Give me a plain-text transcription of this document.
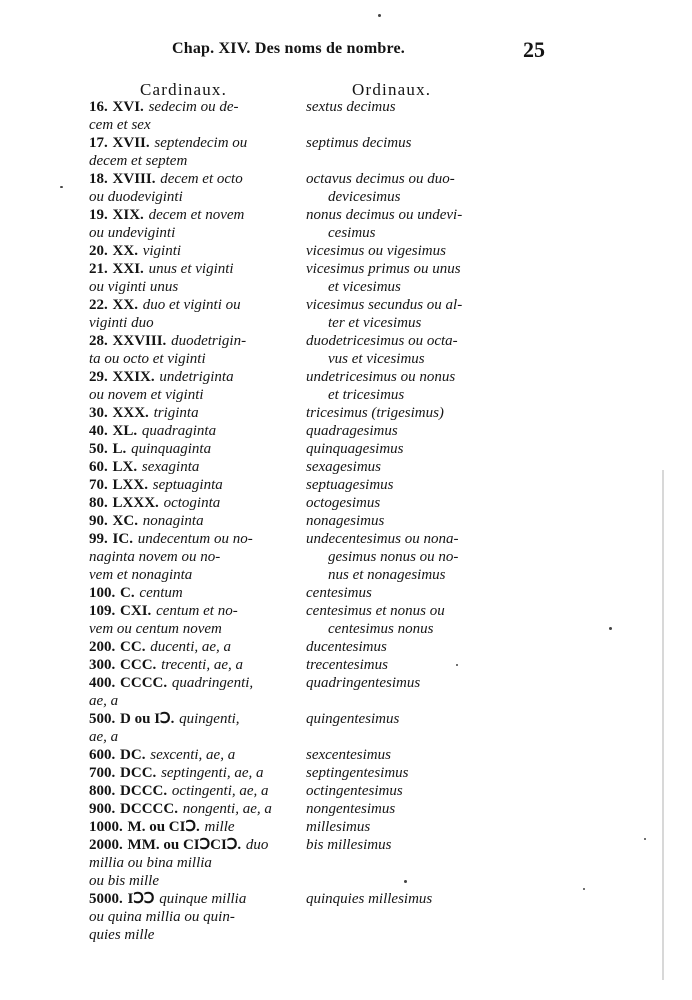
Chap. XIV. Des noms de nombre.	25
Cardinaux.	Ordinaux.
16. XVI. sedecim ou de-	sextus decimus
cem et sex
17. XVII. septendecim ou	septimus decimus
decem et septem
18. XVIII. decem et octo	octavus decimus ou duo-
ou duodeviginti	devicesimus
19. XIX. decem et novem	nonus decimus ou undevi-
ou undeviginti	cesimus
20. XX. viginti	vicesimus ou vigesimus
21. XXI. unus et viginti	vicesimus primus ou unus
ou viginti unus	et vicesimus
22. XX. duo et viginti ou	vicesimus secundus ou al-
viginti duo	ter et vicesimus
28. XXVIII. duodetrigin-	duodetricesimus ou octa-
ta ou octo et viginti	vus et vicesimus
29. XXIX. undetriginta	undetricesimus ou nonus
ou novem et viginti	et tricesimus
30. XXX. triginta	tricesimus (trigesimus)
40. XL. quadraginta	quadragesimus
50. L. quinquaginta	quinquagesimus
60. LX. sexaginta	sexagesimus
70. LXX. septuaginta	septuagesimus
80. LXXX. octoginta	octogesimus
90. XC. nonaginta	nonagesimus
99. IC. undecentum ou no-	undecentesimus ou nona-
naginta novem ou no-	gesimus nonus ou no-
vem et nonaginta	nus et nonagesimus
100. C. centum	centesimus
109. CXI. centum et no-	centesimus et nonus ou
vem ou centum novem	centesimus nonus
200. CC. ducenti, ae, a	ducentesimus
300. CCC. trecenti, ae, a	trecentesimus
400. CCCC. quadringenti,	quadringentesimus
ae, a
500. D ou IↃ. quingenti,	quingentesimus
ae, a
600. DC. sexcenti, ae, a	sexcentesimus
700. DCC. septingenti, ae, a	septingentesimus
800. DCCC. octingenti, ae, a	octingentesimus
900. DCCCC. nongenti, ae, a	nongentesimus
1000. M. ou CIↃ. mille	millesimus
2000. MM. ou CIↃCIↃ. duo	bis millesimus
millia ou bina millia
ou bis mille
5000. IↃↃ quinque millia	quinquies millesimus
ou quina millia ou quin-
quies mille
